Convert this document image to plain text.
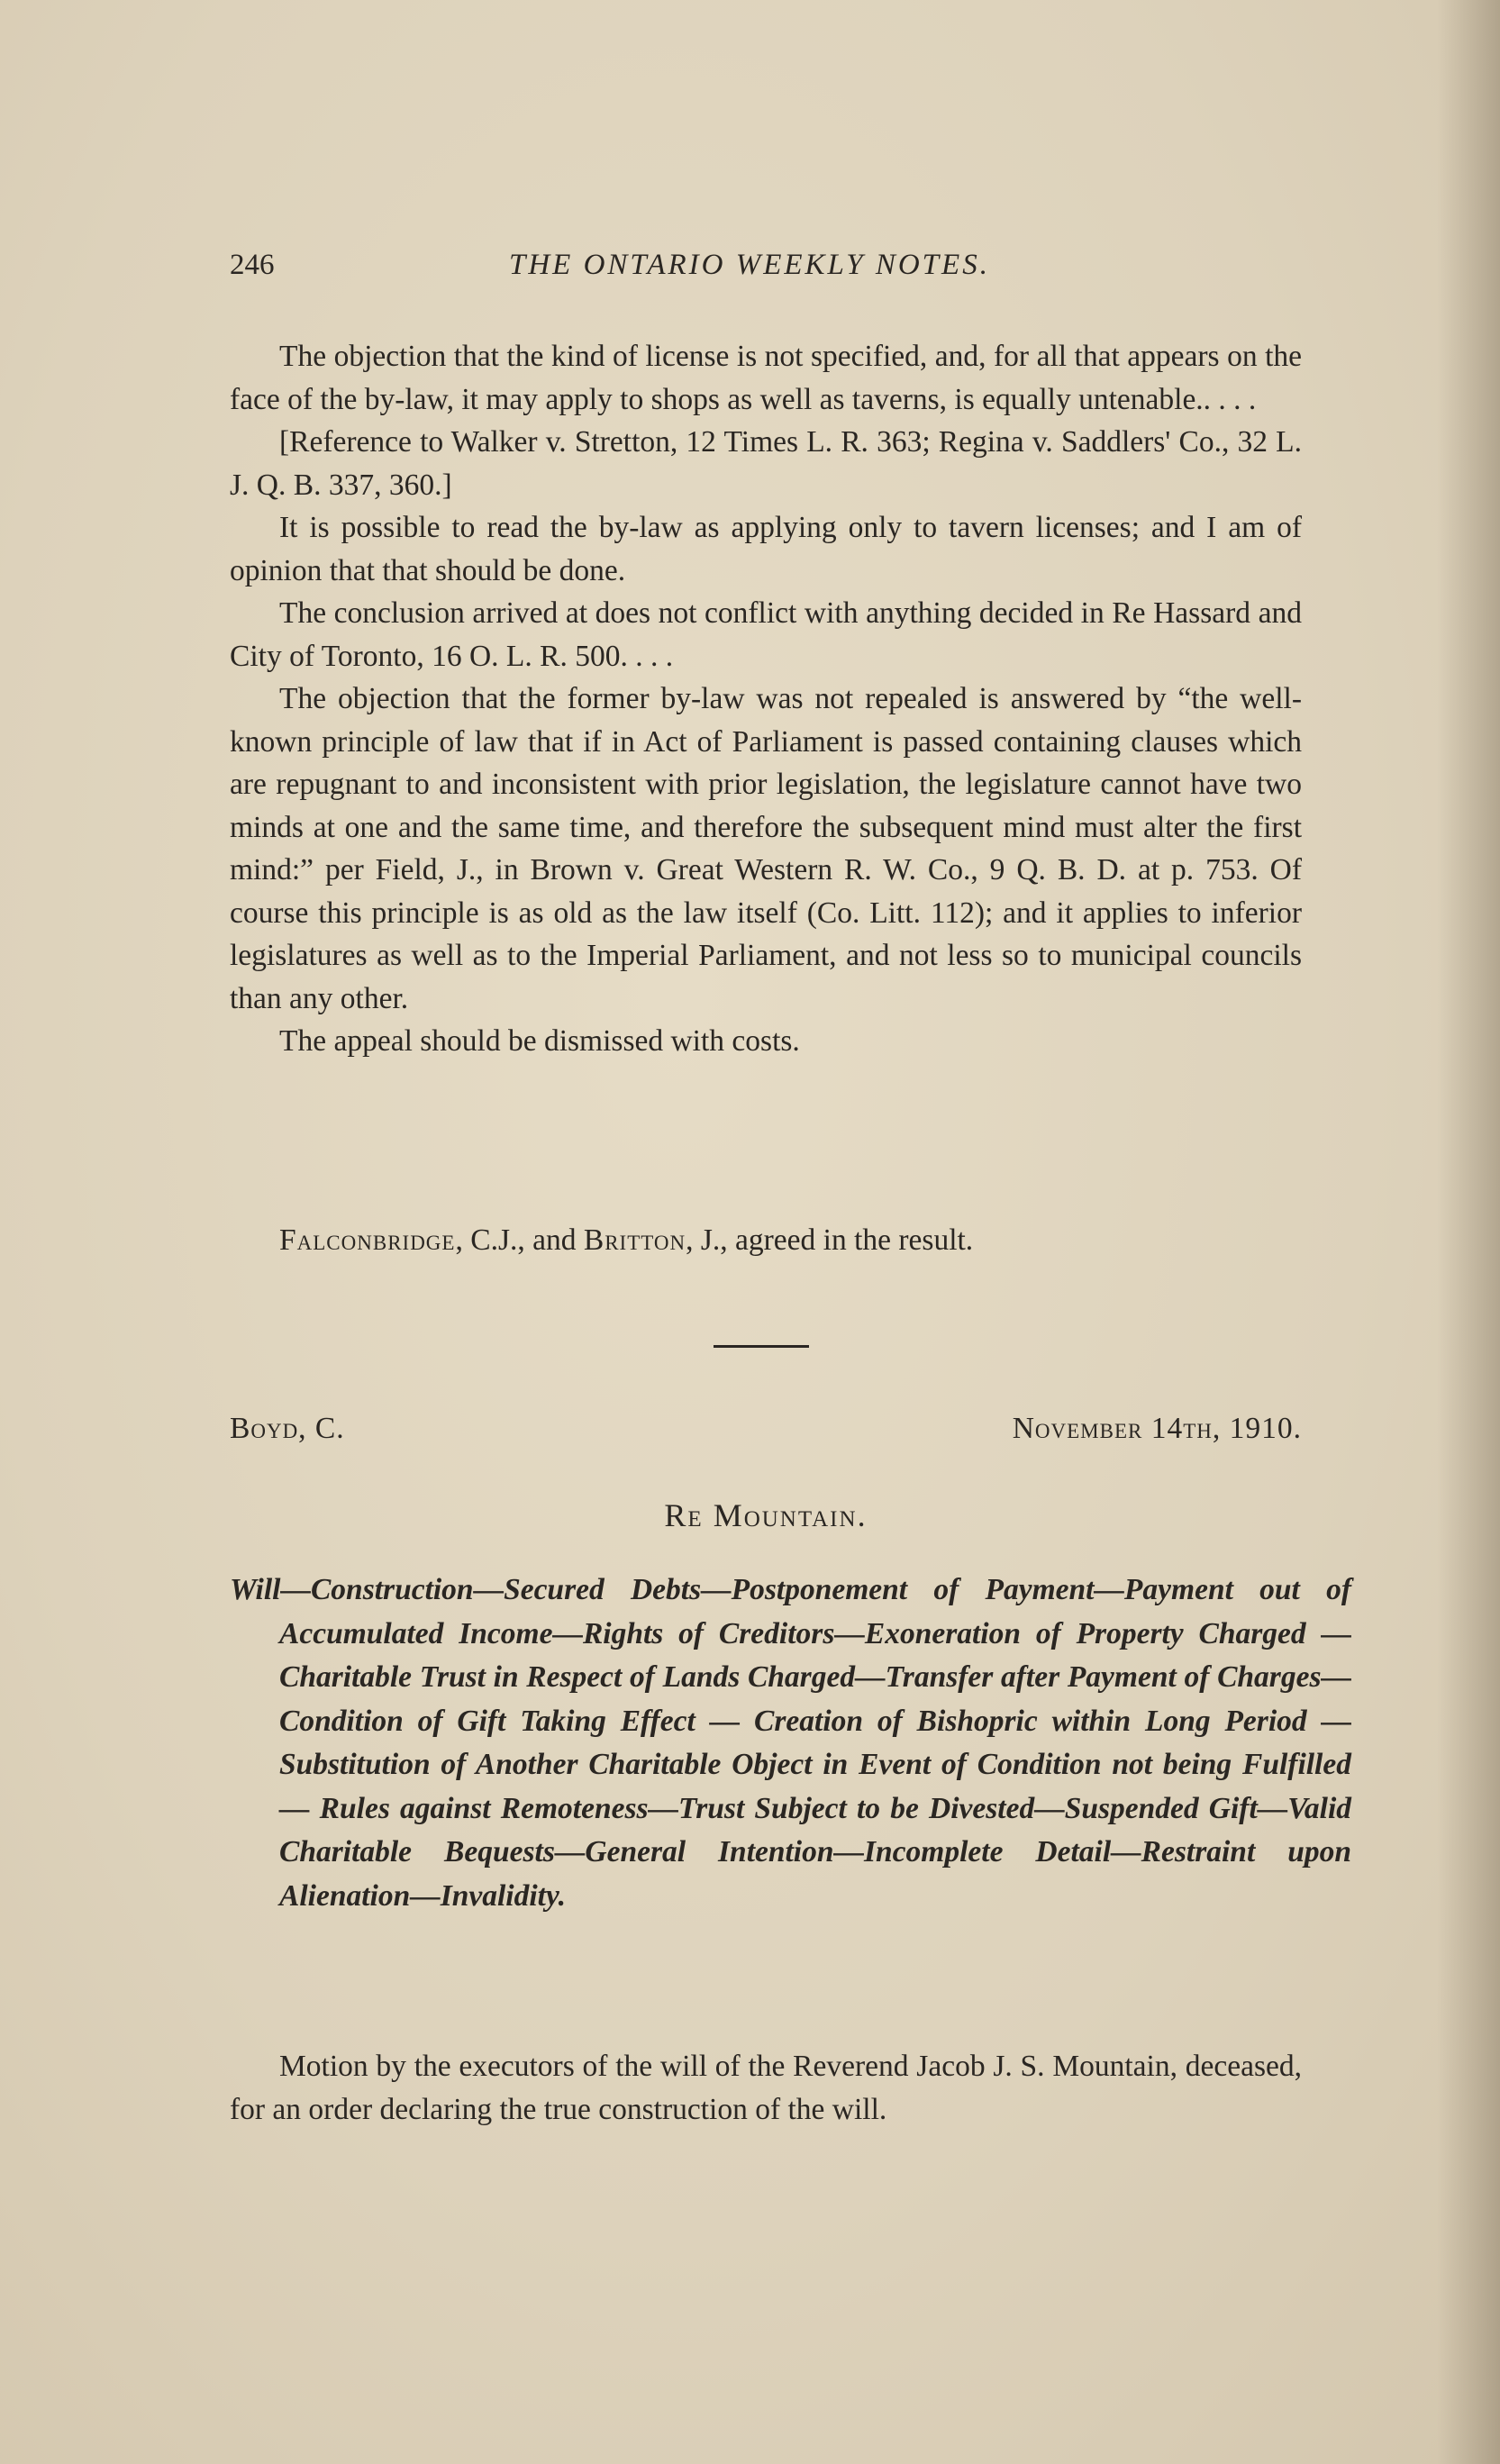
246	THE ONTARIO WEEKLY NOTES.

The objection that the kind of license is not specified, and, for all that appears on the face of the by-law, it may apply to shops as well as taverns, is equally untenable.. . . .

[Reference to Walker v. Stretton, 12 Times L. R. 363; Regina v. Saddlers' Co., 32 L. J. Q. B. 337, 360.]

It is possible to read the by-law as applying only to tavern licenses; and I am of opinion that that should be done.

The conclusion arrived at does not conflict with anything decided in Re Hassard and City of Toronto, 16 O. L. R. 500. . . .

The objection that the former by-law was not repealed is answered by “the well-known principle of law that if in Act of Parliament is passed containing clauses which are repugnant to and inconsistent with prior legislation, the legislature cannot have two minds at one and the same time, and therefore the subsequent mind must alter the first mind:” per Field, J., in Brown v. Great Western R. W. Co., 9 Q. B. D. at p. 753. Of course this principle is as old as the law itself (Co. Litt. 112); and it applies to inferior legislatures as well as to the Imperial Parliament, and not less so to municipal councils than any other.

The appeal should be dismissed with costs.

Falconbridge, C.J., and Britton, J., agreed in the result.
Boyd, C.	November 14th, 1910.
Re Mountain.
Will—Construction—Secured Debts—Postponement of Payment—Payment out of Accumulated Income—Rights of Creditors—Exoneration of Property Charged — Charitable Trust in Respect of Lands Charged—Transfer after Payment of Charges—Condition of Gift Taking Effect — Creation of Bishopric within Long Period — Substitution of Another Charitable Object in Event of Condition not being Fulfilled — Rules against Remoteness—Trust Subject to be Divested—Suspended Gift—Valid Charitable Bequests—General Intention—Incomplete Detail—Restraint upon Alienation—Invalidity.

Motion by the executors of the will of the Reverend Jacob J. S. Mountain, deceased, for an order declaring the true construction of the will.
